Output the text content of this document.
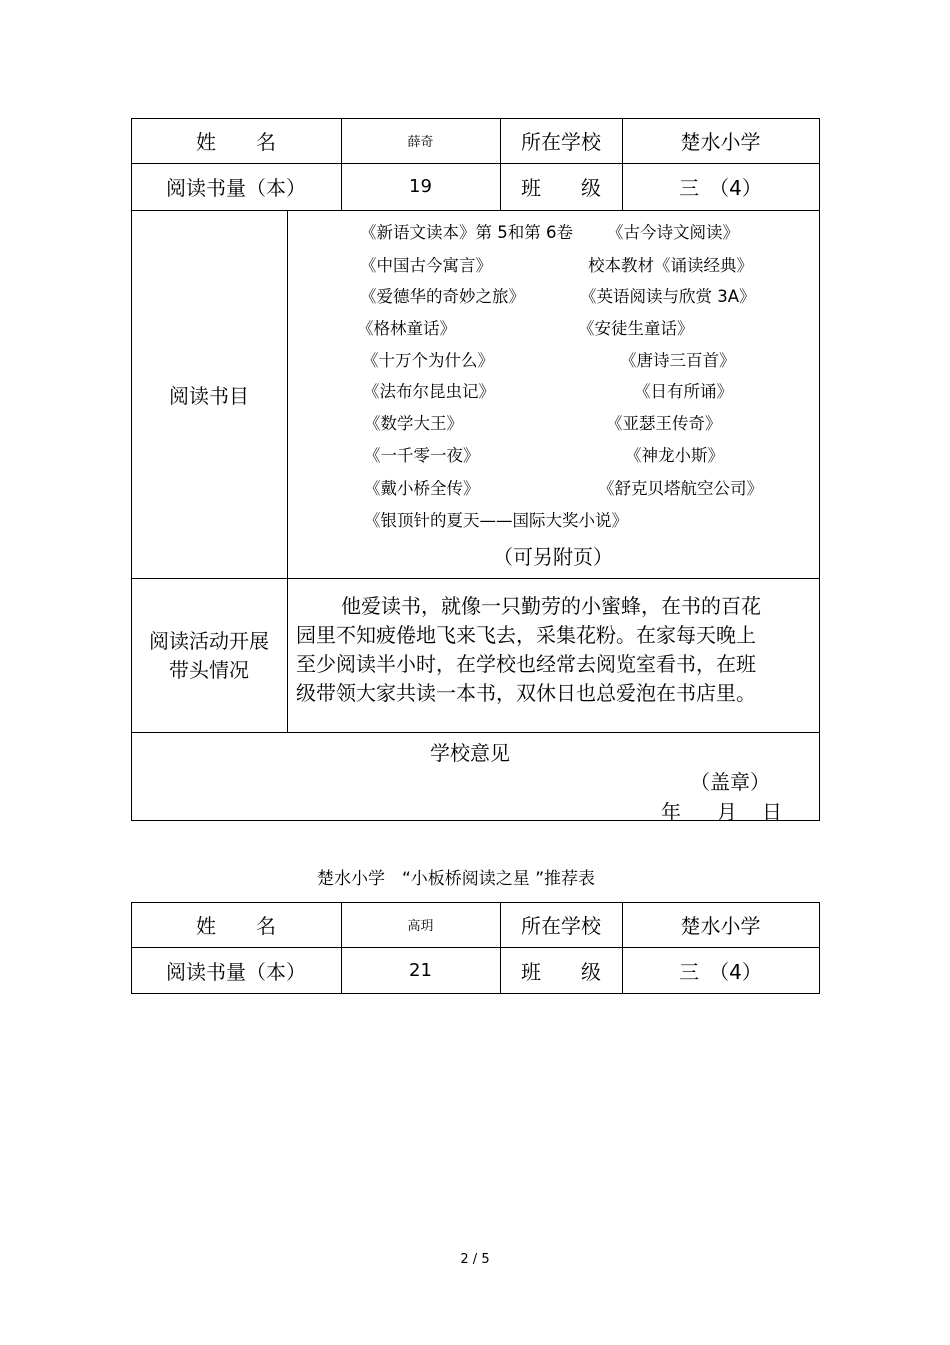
姓　　名	薛奇	所在学校	楚水小学
阅读书量（本）	19	班　　级	三　（4）
阅读书目
《新语文读本》第 5和第 6卷 《古今诗文阅读》
《中国古今寓言》	校本教材《诵读经典》
《爱德华的奇妙之旅》	《英语阅读与欣赏 3A》
《格林童话》	《安徒生童话》
《十万个为什么》	《唐诗三百首》
《法布尔昆虫记》	《日有所诵》
《数学大王》	《亚瑟王传奇》
《一千零一夜》	《神龙小斯》
《戴小桥全传》	《舒克贝塔航空公司》
《银顶针的夏天——国际大奖小说》
（可另附页）
阅读活动开展
带头情况
他爱读书，就像一只勤劳的小蜜蜂，在书的百花
园里不知疲倦地飞来飞去，采集花粉。在家每天晚上
至少阅读半小时，在学校也经常去阅览室看书，在班
级带领大家共读一本书，双休日也总爱泡在书店里。
学校意见
（盖章）
年 月 日
楚水小学　“小板桥阅读之星 ”推荐表
姓　　名	高玥	所在学校	楚水小学
阅读书量（本）	21	班　　级	三　（4）
2 / 5
